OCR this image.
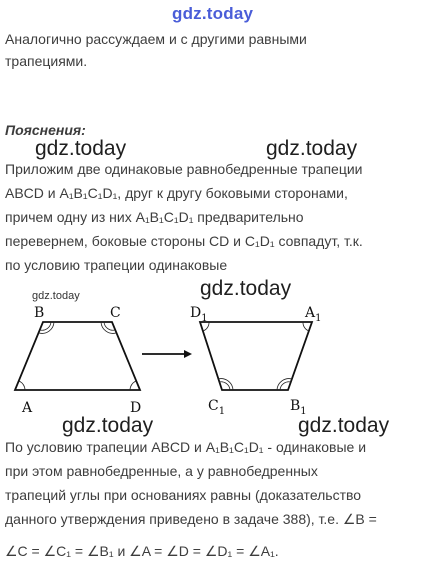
gdz.today
Аналогично рассуждаем и с другими равными
трапециями.
Пояснения:
gdz.today	gdz.today
Приложим две одинаковые равнобедренные трапеции
ABCD и A₁B₁C₁D₁, друг к другу боковыми сторонами,
причем одну из них A₁B₁C₁D₁ предварительно
перевернем, боковые стороны CD и C₁D₁ совпадут, т.к.
по условию трапеции одинаковые
gdz.today	gdz.today
B	C
A	D
$D_1$	$A_1$
$C_1$	$B_1$
gdz.today	gdz.today
По условию трапеции ABCD и A₁B₁C₁D₁ - одинаковые и
при этом равнобедренные, а у равнобедренных
трапеций углы при основаниях равны (доказательство
данного утверждения приведено в задаче 388), т.е. ∠B =
∠C = ∠C₁ = ∠B₁ и ∠A = ∠D = ∠D₁ = ∠A₁.
